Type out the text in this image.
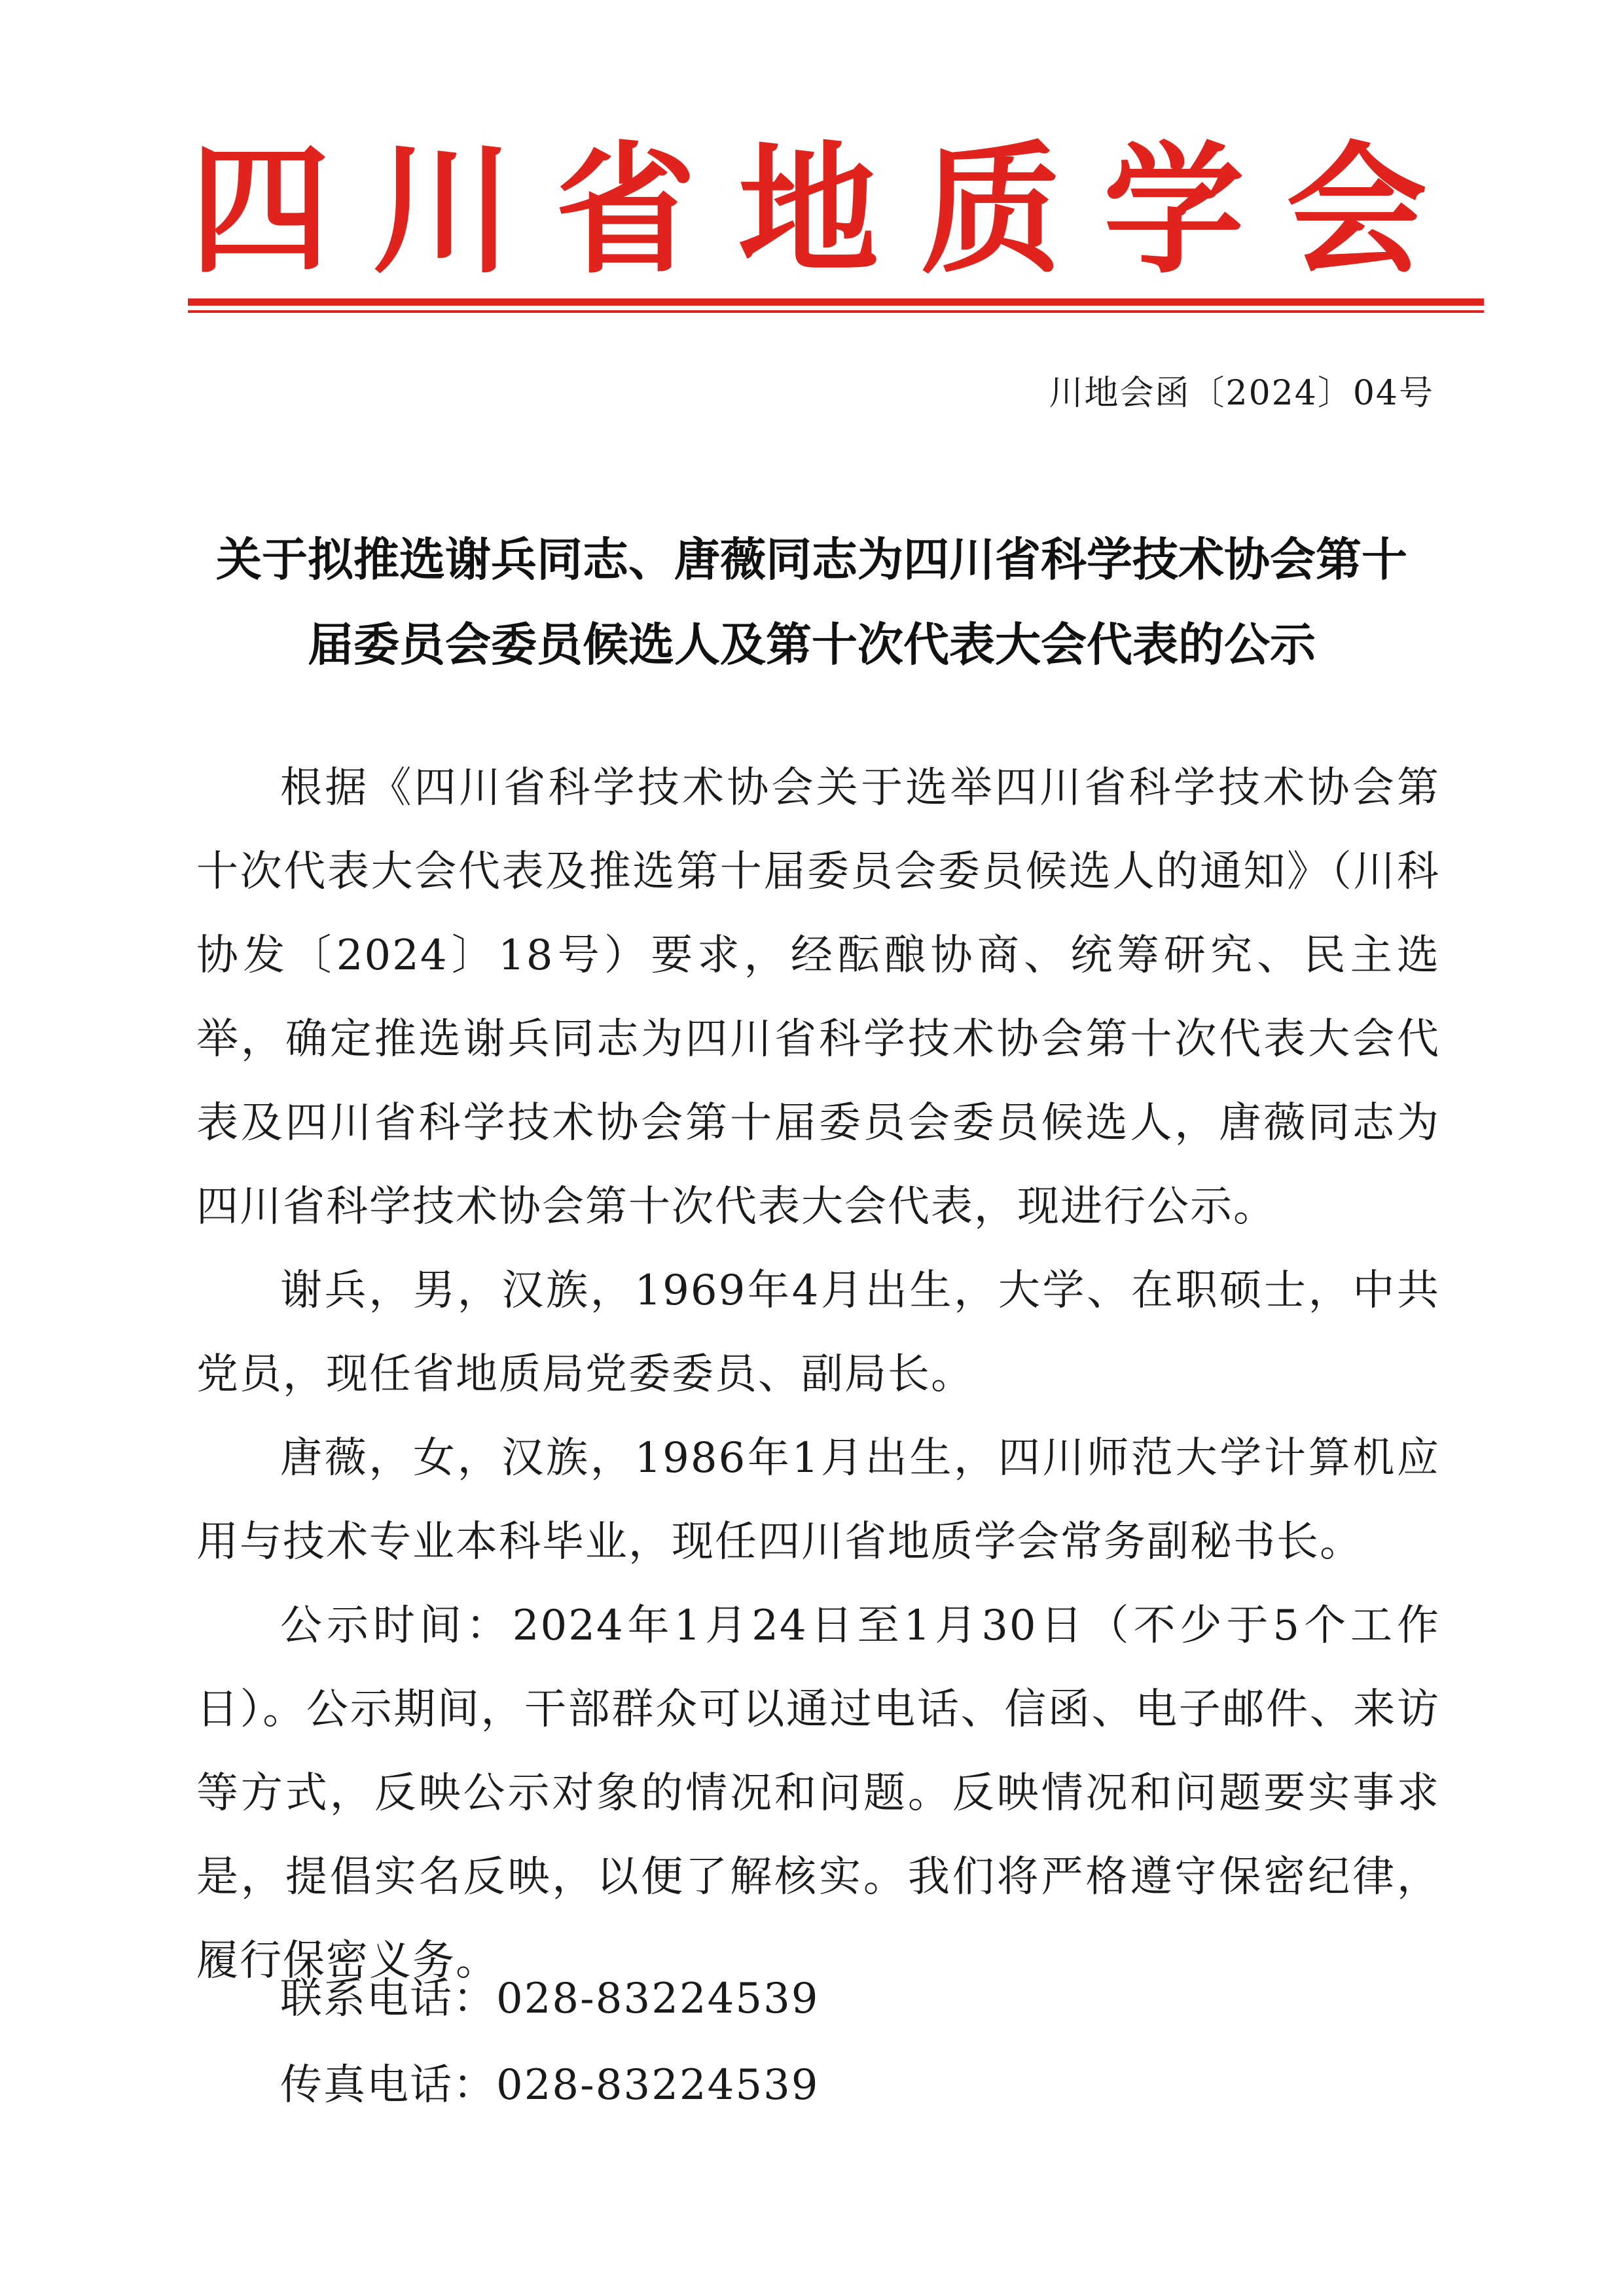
四 川 省 地 质 学 会
川地会函〔2024〕04号
关于拟推选谢兵同志、唐薇同志为四川省科学技术协会第十
届委员会委员候选人及第十次代表大会代表的公示

根据《四川省科学技术协会关于选举四川省科学技术协会第十次代表大会代表及推选第十届委员会委员候选人的通知》（川科协发〔2024〕18号）要求，经酝酿协商、统筹研究、民主选举，确定推选谢兵同志为四川省科学技术协会第十次代表大会代表及四川省科学技术协会第十届委员会委员候选人，唐薇同志为四川省科学技术协会第十次代表大会代表，现进行公示。

谢兵，男，汉族，1969年4月出生，大学、在职硕士，中共党员，现任省地质局党委委员、副局长。

唐薇，女，汉族，1986年1月出生，四川师范大学计算机应用与技术专业本科毕业，现任四川省地质学会常务副秘书长。

公示时间：2024年1月24日至1月30日（不少于5个工作日）。公示期间，干部群众可以通过电话、信函、电子邮件、来访等方式，反映公示对象的情况和问题。反映情况和问题要实事求是，提倡实名反映，以便了解核实。我们将严格遵守保密纪律，履行保密义务。

联系电话：028-83224539
传真电话：028-83224539
